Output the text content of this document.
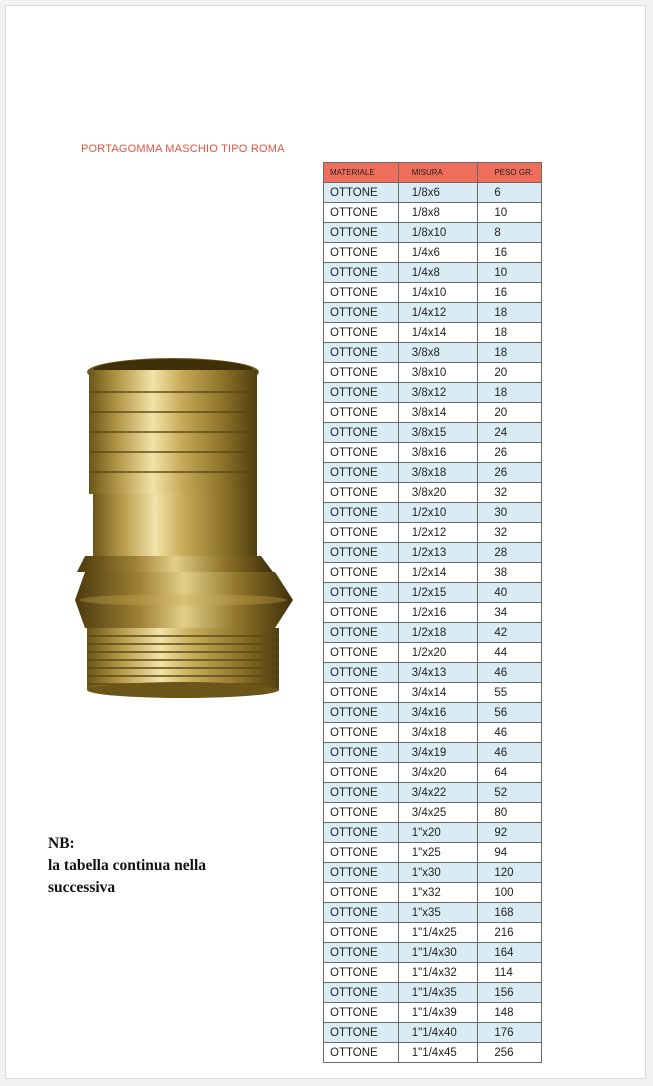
PORTAGOMMA MASCHIO TIPO ROMA
NB:
la tabella continua nella
successiva
MATERIALE	MISURA	PESO GR.
OTTONE	1/8x6	6
OTTONE	1/8x8	10
OTTONE	1/8x10	8
OTTONE	1/4x6	16
OTTONE	1/4x8	10
OTTONE	1/4x10	16
OTTONE	1/4x12	18
OTTONE	1/4x14	18
OTTONE	3/8x8	18
OTTONE	3/8x10	20
OTTONE	3/8x12	18
OTTONE	3/8x14	20
OTTONE	3/8x15	24
OTTONE	3/8x16	26
OTTONE	3/8x18	26
OTTONE	3/8x20	32
OTTONE	1/2x10	30
OTTONE	1/2x12	32
OTTONE	1/2x13	28
OTTONE	1/2x14	38
OTTONE	1/2x15	40
OTTONE	1/2x16	34
OTTONE	1/2x18	42
OTTONE	1/2x20	44
OTTONE	3/4x13	46
OTTONE	3/4x14	55
OTTONE	3/4x16	56
OTTONE	3/4x18	46
OTTONE	3/4x19	46
OTTONE	3/4x20	64
OTTONE	3/4x22	52
OTTONE	3/4x25	80
OTTONE	1"x20	92
OTTONE	1"x25	94
OTTONE	1"x30	120
OTTONE	1"x32	100
OTTONE	1"x35	168
OTTONE	1"1/4x25	216
OTTONE	1"1/4x30	164
OTTONE	1"1/4x32	114
OTTONE	1"1/4x35	156
OTTONE	1"1/4x39	148
OTTONE	1"1/4x40	176
OTTONE	1"1/4x45	256
